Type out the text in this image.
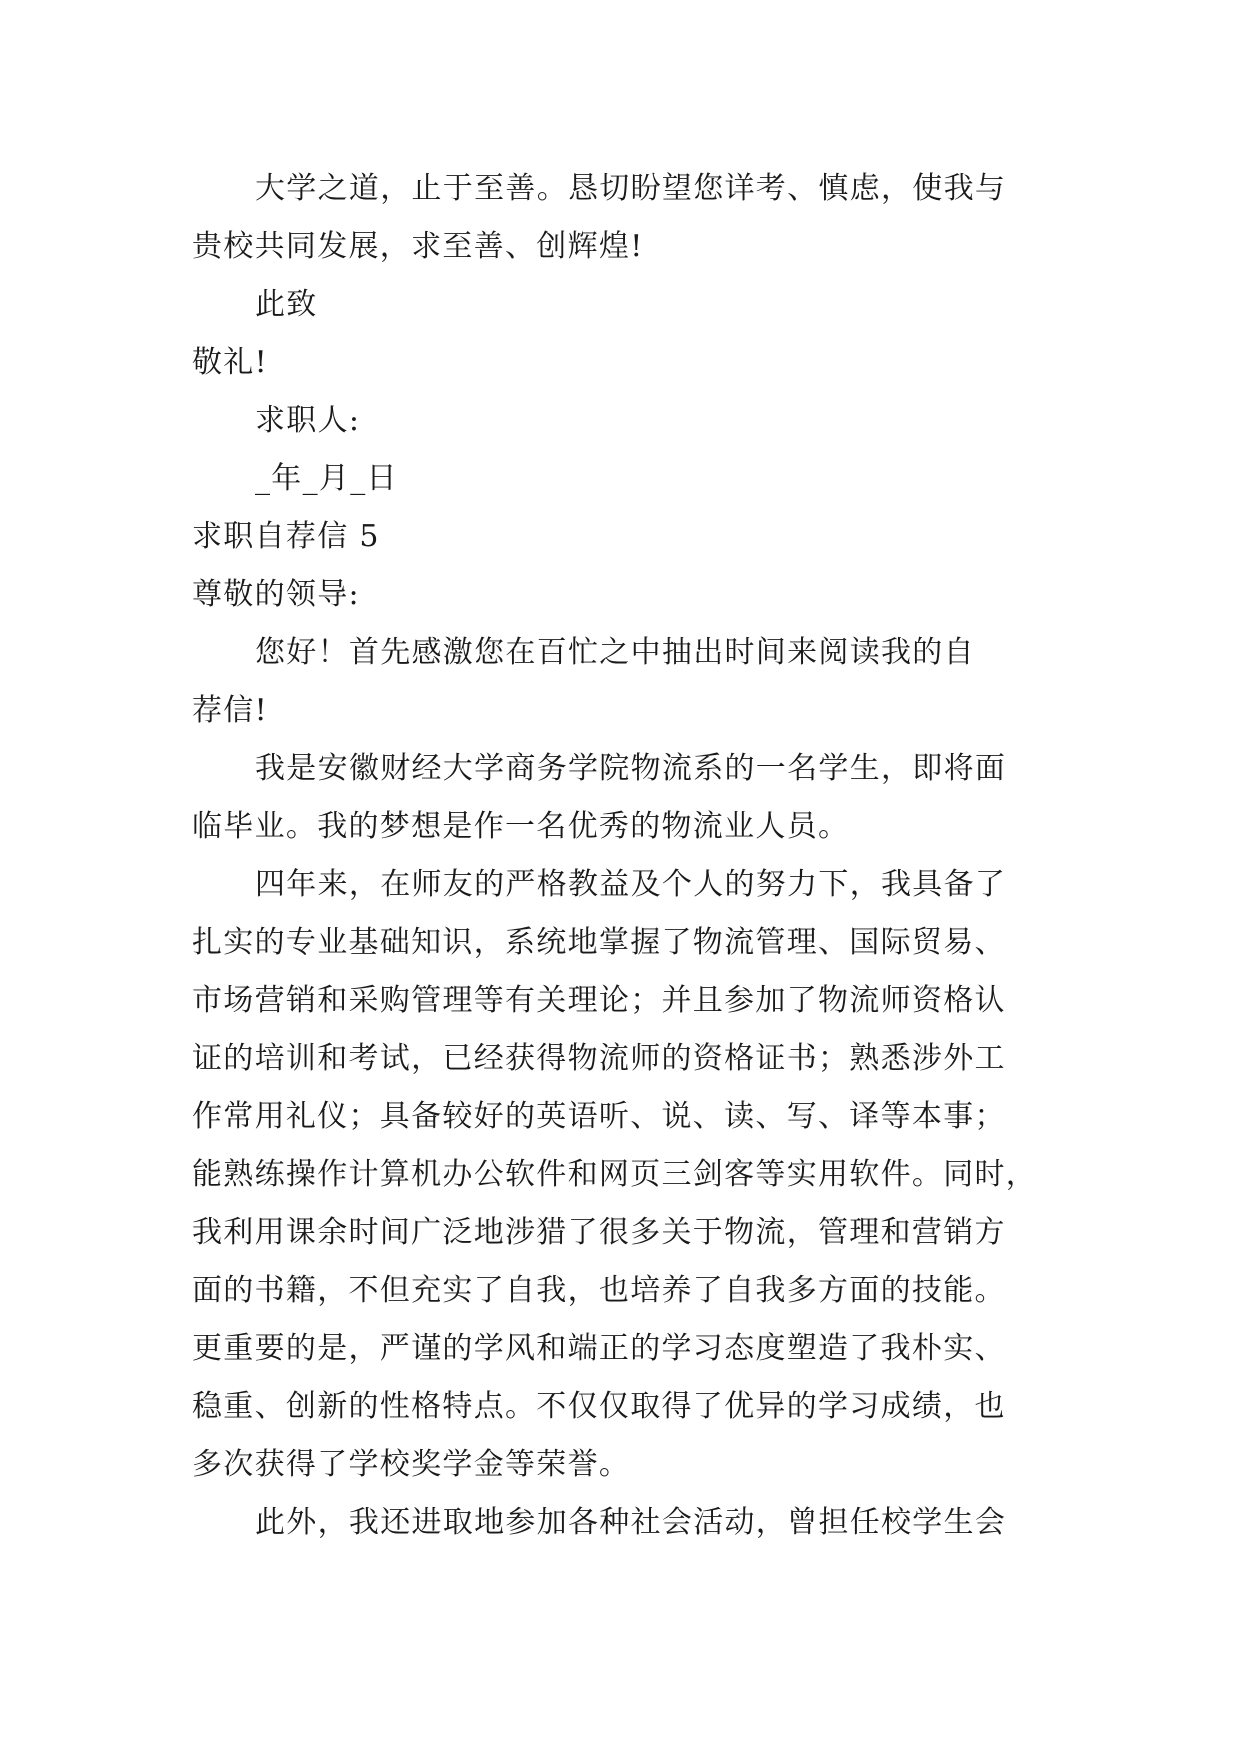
大学之道，止于至善。恳切盼望您详考、慎虑，使我与
贵校共同发展，求至善、创辉煌!
此致
敬礼!
求职人:
_年_月_日
求职自荐信 5
尊敬的领导:
您好！首先感激您在百忙之中抽出时间来阅读我的自
荐信!
我是安徽财经大学商务学院物流系的一名学生，即将面
临毕业。我的梦想是作一名优秀的物流业人员。
四年来，在师友的严格教益及个人的努力下，我具备了
扎实的专业基础知识，系统地掌握了物流管理、国际贸易、
市场营销和采购管理等有关理论；并且参加了物流师资格认
证的培训和考试，已经获得物流师的资格证书；熟悉涉外工
作常用礼仪；具备较好的英语听、说、读、写、译等本事；
能熟练操作计算机办公软件和网页三剑客等实用软件。同时，
我利用课余时间广泛地涉猎了很多关于物流，管理和营销方
面的书籍，不但充实了自我，也培养了自我多方面的技能。
更重要的是，严谨的学风和端正的学习态度塑造了我朴实、
稳重、创新的性格特点。不仅仅取得了优异的学习成绩，也
多次获得了学校奖学金等荣誉。
此外，我还进取地参加各种社会活动，曾担任校学生会
